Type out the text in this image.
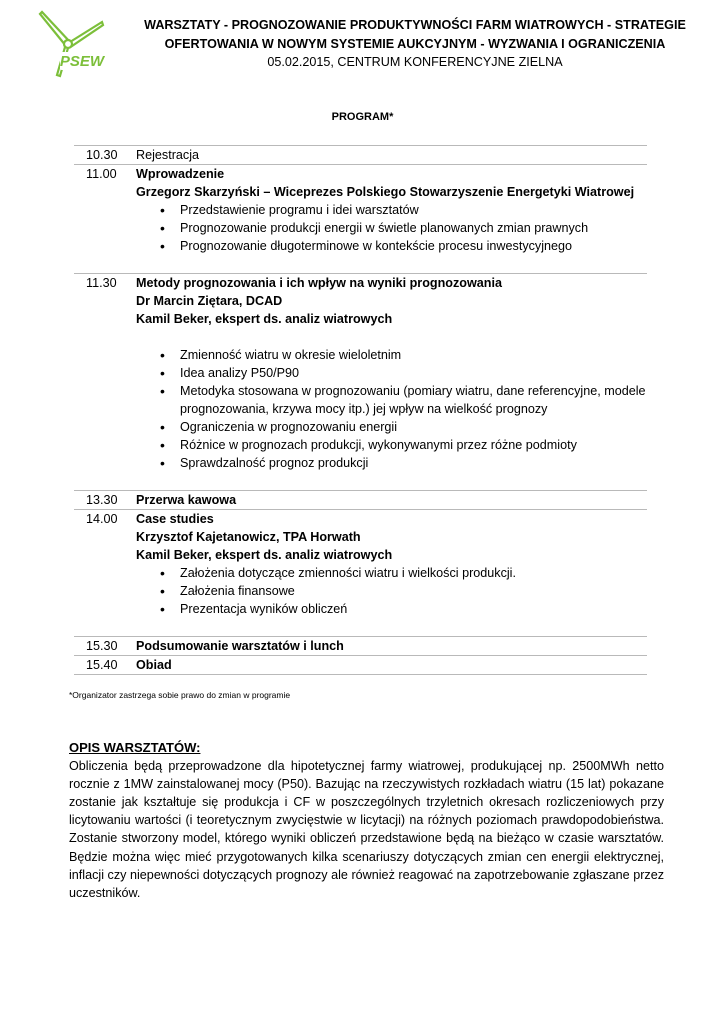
PSEW
WARSZTATY - PROGNOZOWANIE PRODUKTYWNOŚCI FARM WIATROWYCH - STRATEGIE
OFERTOWANIA W NOWYM SYSTEMIE AUKCYJNYM - WYZWANIA I OGRANICZENIA
05.02.2015, CENTRUM KONFERENCYJNE ZIELNA
PROGRAM*
10.30 Rejestracja
11.00 Wprowadzenie
Grzegorz Skarzyński – Wiceprezes Polskiego Stowarzyszenie Energetyki Wiatrowej
• Przedstawienie programu i idei warsztatów
• Prognozowanie produkcji energii w świetle planowanych zmian prawnych
• Prognozowanie długoterminowe w kontekście procesu inwestycyjnego
11.30 Metody prognozowania i ich wpływ na wyniki prognozowania
Dr Marcin Ziętara, DCAD
Kamil Beker, ekspert ds. analiz wiatrowych
• Zmienność wiatru w okresie wieloletnim
• Idea analizy P50/P90
• Metodyka stosowana w prognozowaniu (pomiary wiatru, dane referencyjne, modele prognozowania, krzywa mocy itp.) jej wpływ na wielkość prognozy
• Ograniczenia w prognozowaniu energii
• Różnice w prognozach produkcji, wykonywanymi przez różne podmioty
• Sprawdzalność prognoz produkcji
13.30 Przerwa kawowa
14.00 Case studies
Krzysztof Kajetanowicz, TPA Horwath
Kamil Beker, ekspert ds. analiz wiatrowych
• Założenia dotyczące zmienności wiatru i wielkości produkcji.
• Założenia finansowe
• Prezentacja wyników obliczeń
15.30 Podsumowanie warsztatów i lunch
15.40 Obiad
*Organizator zastrzega sobie prawo do zmian w programie
OPIS WARSZTATÓW:
Obliczenia będą przeprowadzone dla hipotetycznej farmy wiatrowej, produkującej np. 2500MWh netto rocznie z 1MW zainstalowanej mocy (P50). Bazując na rzeczywistych rozkładach wiatru (15 lat) pokazane zostanie jak kształtuje się produkcja i CF w poszczególnych trzyletnich okresach rozliczeniowych przy licytowaniu wartości (i teoretycznym zwycięstwie w licytacji) na różnych poziomach prawdopodobieństwa. Zostanie stworzony model, którego wyniki obliczeń przedstawione będą na bieżąco w czasie warsztatów. Będzie można więc mieć przygotowanych kilka scenariuszy dotyczących zmian cen energii elektrycznej, inflacji czy niepewności dotyczących prognozy ale również reagować na zapotrzebowanie zgłaszane przez uczestników.
